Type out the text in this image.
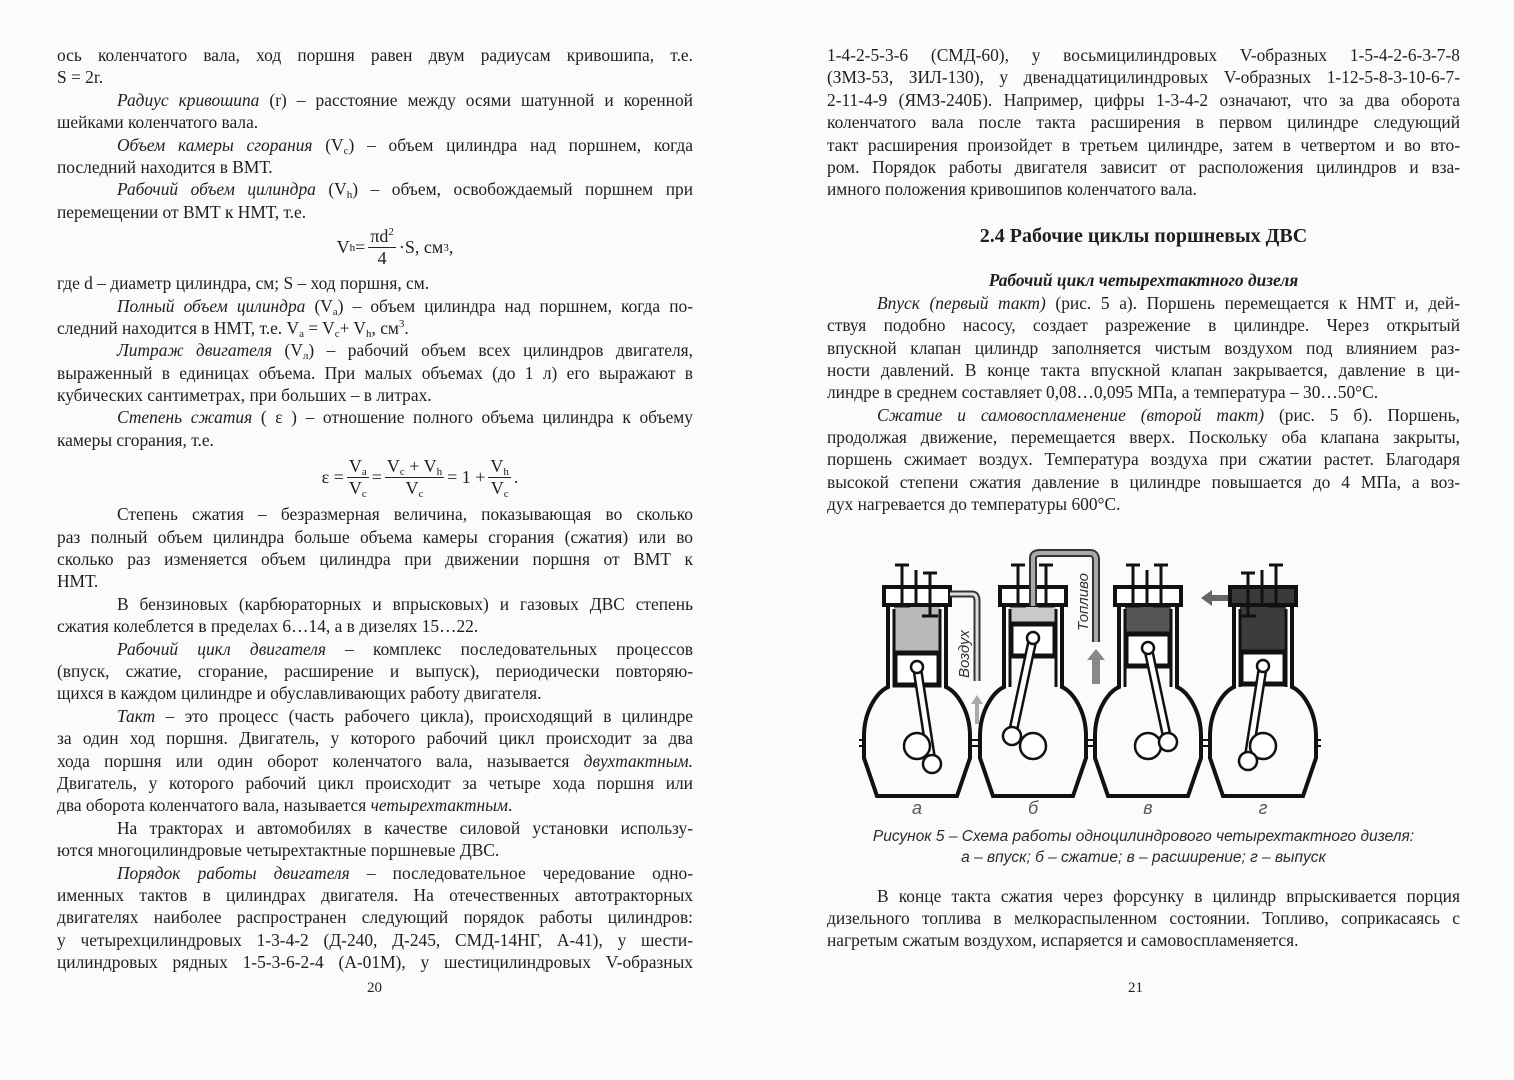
ось коленчатого вала, ход поршня равен двум радиусам кривошипа, т.е.
S = 2r.
Радиус кривошипа (r) – расстояние между осями шатунной и коренной
шейками коленчатого вала.
Объем камеры сгорания $(V_c)$ – объем цилиндра над поршнем, когда
последний находится в ВМТ.
Рабочий объем цилиндра $(V_h)$ – объем, освобождаемый поршнем при
перемещении от ВМТ к НМТ, т.е.
V $h = \frac{\pi d^2}{4} \cdot S$, см 3 ,
где d – диаметр цилиндра, см; S – ход поршня, см.
Полный объем цилиндра $(V_a)$ – объем цилиндра над поршнем, когда по-
следний находится в НМТ, т.е. $V_a = V_c+ V_h$, $см^3$.
Литраж двигателя $(V_л)$ – рабочий объем всех цилиндров двигателя,
выраженный в единицах объема. При малых объемах (до 1 л) его выражают в
кубических сантиметрах, при больших – в литрах.
Степень сжатия ( ε ) – отношение полного объема цилиндра к объему
камеры сгорания, т.е.
$\varepsilon = \frac{V_a}{V_c} = \frac{V_c + V_h}{V_c} = 1 + \frac{V_h}{V_c}$ .
Степень сжатия – безразмерная величина, показывающая во сколько
раз полный объем цилиндра больше объема камеры сгорания (сжатия) или во
сколько раз изменяется объем цилиндра при движении поршня от ВМТ к
НМТ.
В бензиновых (карбюраторных и впрысковых) и газовых ДВС степень
сжатия колеблется в пределах 6…14, а в дизелях 15…22.
Рабочий цикл двигателя – комплекс последовательных процессов
(впуск, сжатие, сгорание, расширение и выпуск), периодически повторяю-
щихся в каждом цилиндре и обуславливающих работу двигателя.
Такт – это процесс (часть рабочего цикла), происходящий в цилиндре
за один ход поршня. Двигатель, у которого рабочий цикл происходит за два
хода поршня или один оборот коленчатого вала, называется двухтактным.
Двигатель, у которого рабочий цикл происходит за четыре хода поршня или
два оборота коленчатого вала, называется четырехтактным.
На тракторах и автомобилях в качестве силовой установки использу-
ются многоцилиндровые четырехтактные поршневые ДВС.
Порядок работы двигателя – последовательное чередование одно-
именных тактов в цилиндрах двигателя. На отечественных автотракторных
двигателях наиболее распространен следующий порядок работы цилиндров:
у четырехцилиндровых 1-3-4-2 (Д-240, Д-245, СМД-14НГ, А-41), у шести-
цилиндровых рядных 1-5-3-6-2-4 (А-01М), у шестицилиндровых V-образных
1-4-2-5-3-6 (СМД-60), у восьмицилиндровых V-образных 1-5-4-2-6-3-7-8
(ЗМЗ-53, ЗИЛ-130), у двенадцатицилиндровых V-образных 1-12-5-8-3-10-6-7-
2-11-4-9 (ЯМЗ-240Б). Например, цифры 1-3-4-2 означают, что за два оборота
коленчатого вала после такта расширения в первом цилиндре следующий
такт расширения произойдет в третьем цилиндре, затем в четвертом и во вто-
ром. Порядок работы двигателя зависит от расположения цилиндров и вза-
имного положения кривошипов коленчатого вала.
2.4 Рабочие циклы поршневых ДВС
Рабочий цикл четырехтактного дизеля
Впуск (первый такт) (рис. 5 а). Поршень перемещается к НМТ и, дей-
ствуя подобно насосу, создает разрежение в цилиндре. Через открытый
впускной клапан цилиндр заполняется чистым воздухом под влиянием раз-
ности давлений. В конце такта впускной клапан закрывается, давление в ци-
линдре в среднем составляет 0,08…0,095 МПа, а температура – 30…50°С.
Сжатие и самовоспламенение (второй такт) (рис. 5 б). Поршень,
продолжая движение, перемещается вверх. Поскольку оба клапана закрыты,
поршень сжимает воздух. Температура воздуха при сжатии растет. Благодаря
высокой степени сжатия давление в цилиндре повышается до 4 МПа, а воз-
дух нагревается до температуры 600°С.
а	б	в	г
Воздух
Топливо
Рисунок 5 – Схема работы одноцилиндрового четырехтактного дизеля:
а – впуск; б – сжатие; в – расширение; г – выпуск
В конце такта сжатия через форсунку в цилиндр впрыскивается порция
дизельного топлива в мелкораспыленном состоянии. Топливо, соприкасаясь с
нагретым сжатым воздухом, испаряется и самовоспламеняется.
20	21
